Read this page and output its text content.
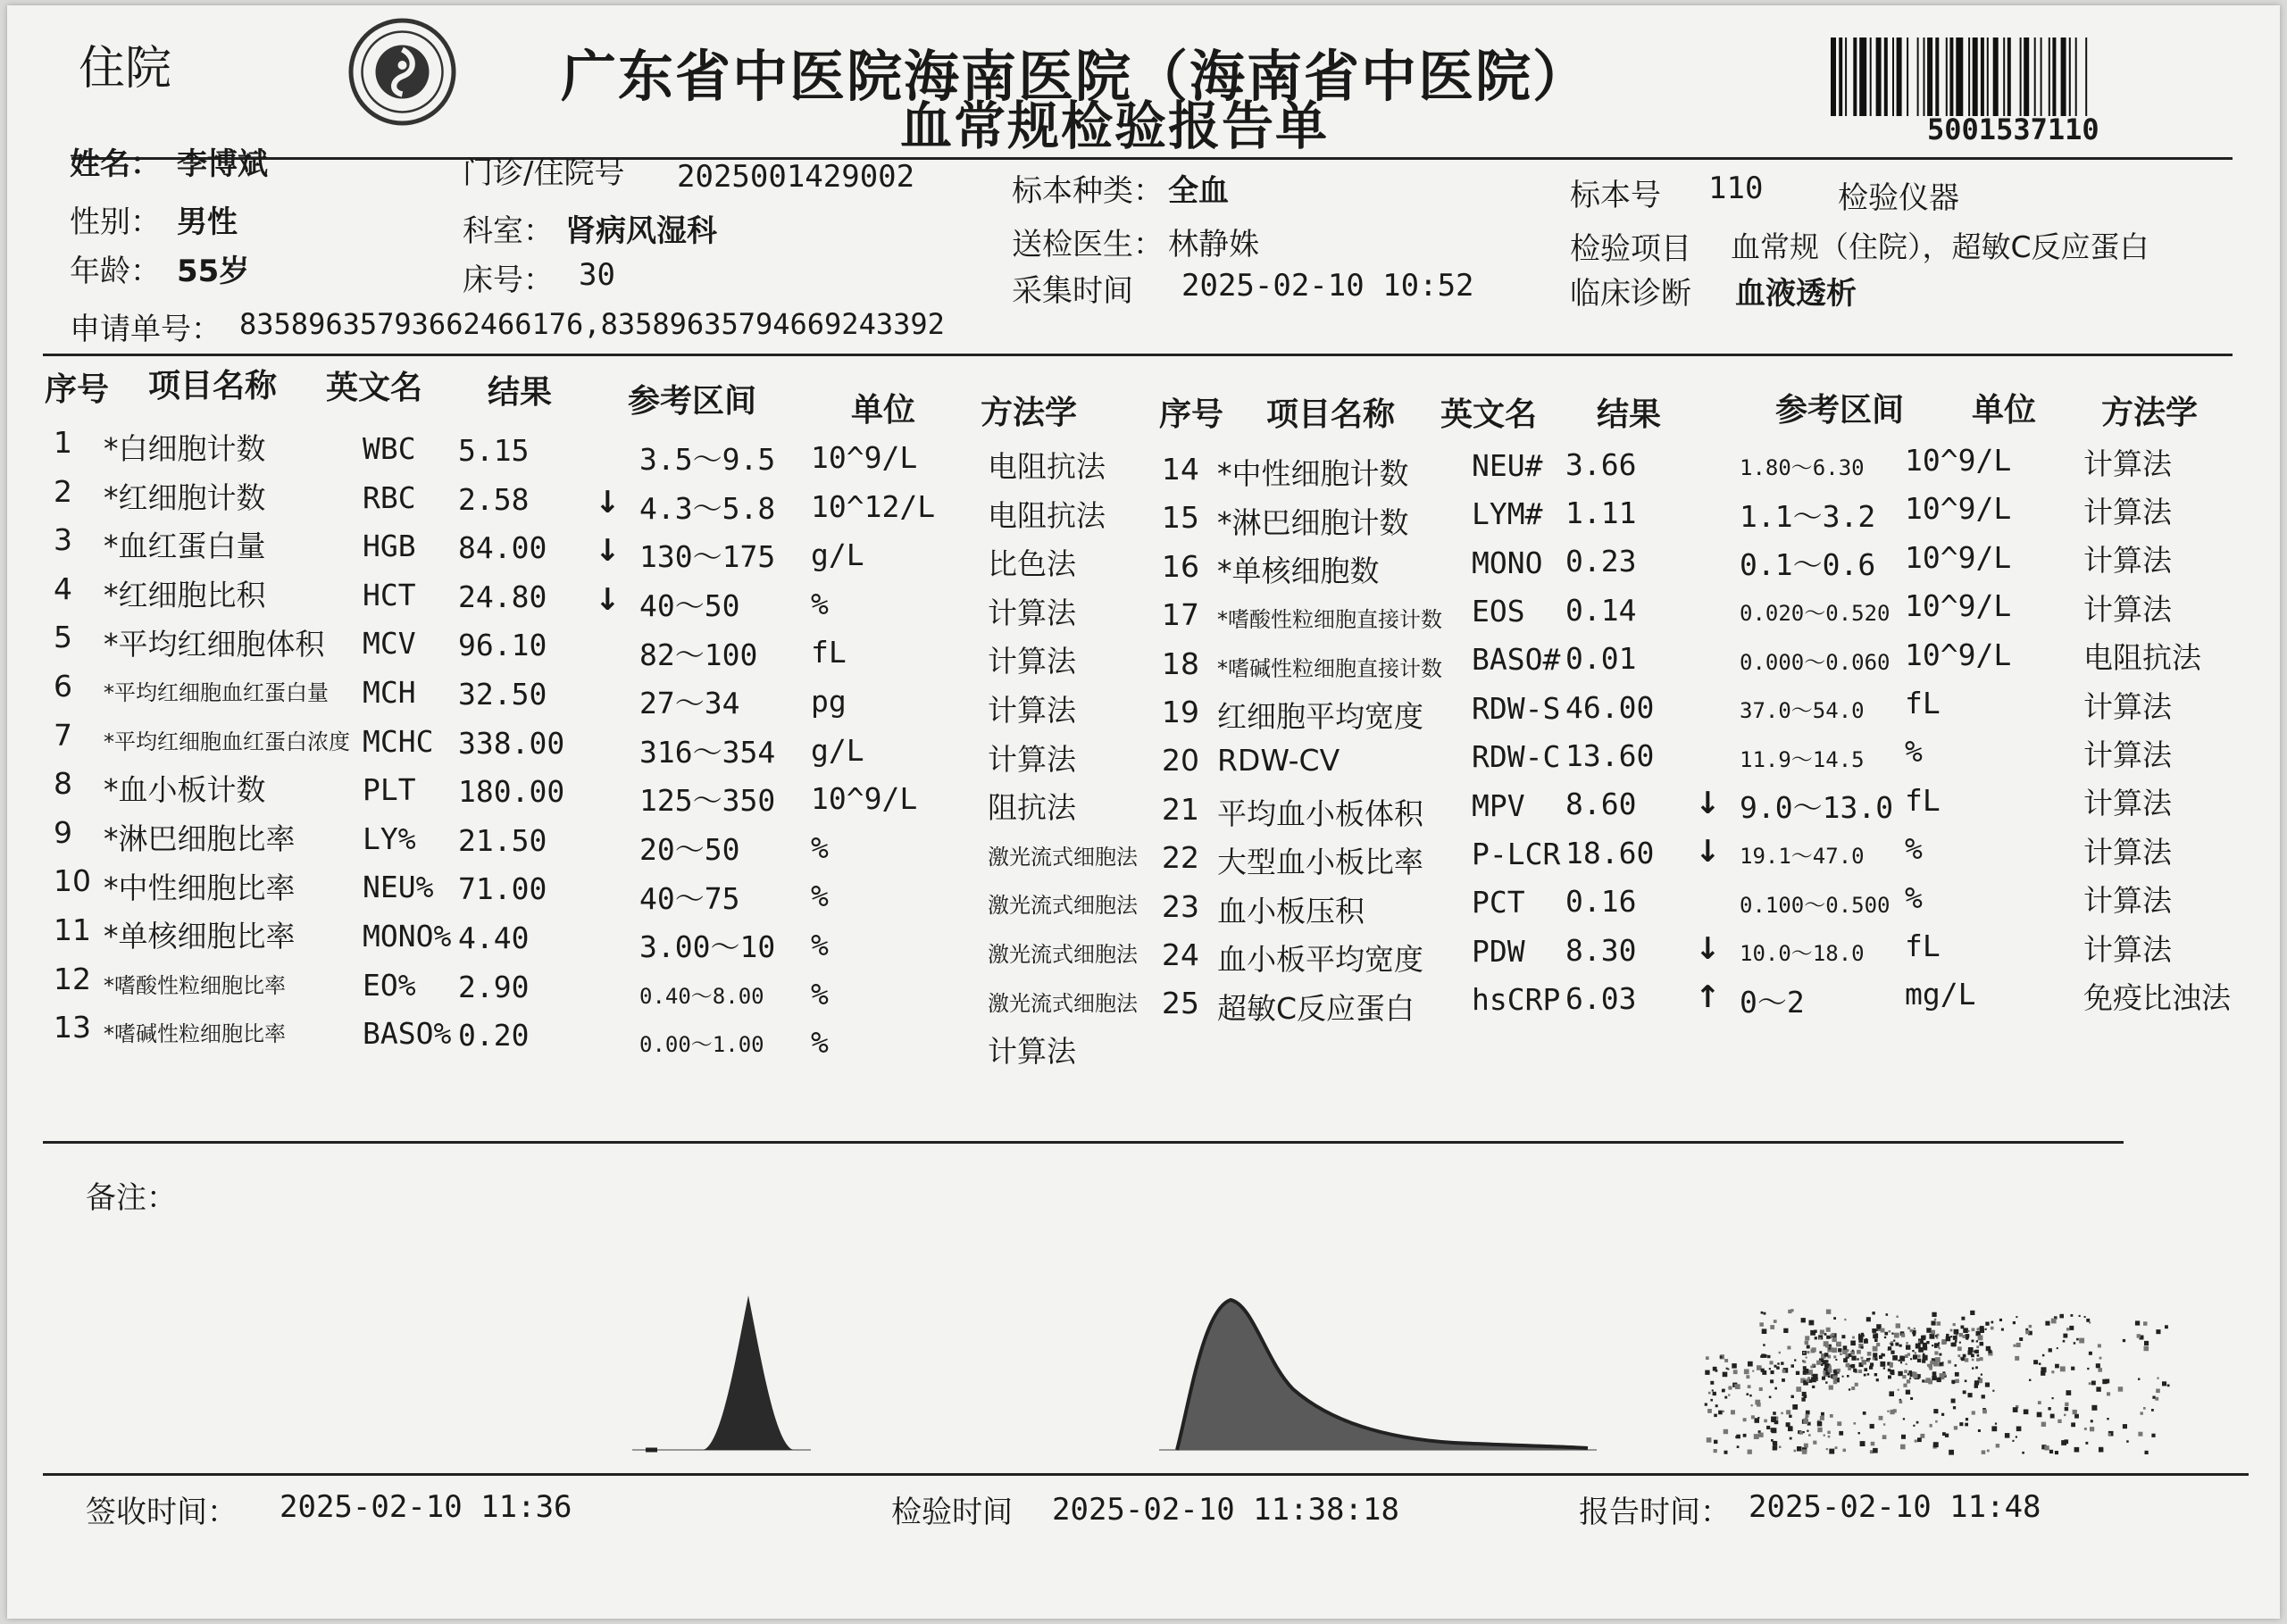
住院	广东省中医院海南医院（海南省中医院）
血常规检验报告单	5001537110
姓名： 李博斌
性别： 男性
年龄： 55岁
门诊/住院号 2025001429002
科室： 肾病风湿科
床号： 30
标本种类： 全血
送检医生： 林静姝
采集时间 2025-02-10 10:52
标本号 110 检验仪器
检验项目 血常规（住院），超敏C反应蛋白
临床诊断 血液透析
申请单号： 835896357936624661​76,8358963579466924​3392
序号 项目名称 英文名 结果 参考区间	单位 方法学	序号 项目名称 英文名 结果	参考区间 单位 方法学
1 *白细胞计数	WBC 5.15	3.5～9.5 10^9/L 电阻抗法
2 *红细胞计数	RBC 2.58 ↓ 4.3～5.8 10^12/L 电阻抗法
3 *血红蛋白量	HGB 84.00 ↓ 130～175 g/L	比色法
4 *红细胞比积	HCT 24.80 ↓ 40～50 %	计算法
5 *平均红细胞体积 MCV 96.10	82～100 fL	计算法
6 *平均红细胞血红蛋白量 MCH 32.50	27～34 pg	计算法
7 *平均红细胞血红蛋白浓度 MCHC 338.00	316～354 g/L	计算法
8 *血小板计数	PLT 180.00	125～350 10^9/L 阻抗法
9 *淋巴细胞比率 LY% 21.50	20～50 %	激光流式细胞法
10 *中性细胞比率 NEU% 71.00	40～75 %	激光流式细胞法
11 *单核细胞比率 MONO% 4.40	3.00～10 %	激光流式细胞法
12 *嗜酸性粒细胞比率	EO% 2.90	0.40～8.00 %	激光流式细胞法
13 *嗜碱性粒细胞比率	BASO% 0.20	0.00～1.00 %	计算法
14 *中性细胞计数 NEU# 3.66	1.80～6.30 10^9/L 计算法
15 *淋巴细胞计数 LYM# 1.11	1.1～3.2 10^9/L 计算法
16 *单核细胞数	MONO 0.23	0.1～0.6 10^9/L 计算法
17 *嗜酸性粒细胞直接计数 EOS 0.14	0.020～0.520 10^9/L 计算法
18 *嗜碱性粒细胞直接计数 BASO# 0.01	0.000～0.060 10^9/L 电阻抗法
19 红细胞平均宽度 RDW-S 46.00	37.0～54.0 fL	计算法
20 RDW-CV	RDW-C 13.60	11.9～14.5 %	计算法
21 平均血小板体积 MPV 8.60 ↓ 9.0～13.0 fL	计算法
22 大型血小板比率 P-LCR 18.60 ↓ 19.1～47.0 %	计算法
23 血小板压积	PCT 0.16	0.100～0.500 %	计算法
24 血小板平均宽度 PDW 8.30 ↓ 10.0～18.0 fL	计算法
25 超敏C反应蛋白 hsCRP 6.03 ↑ 0～2	mg/L	免疫比浊法
备注：
签收时间： 2025-02-10 11:36	检验时间 2025-02-10 11:38:18	报告时间： 2025-02-10 11:48
